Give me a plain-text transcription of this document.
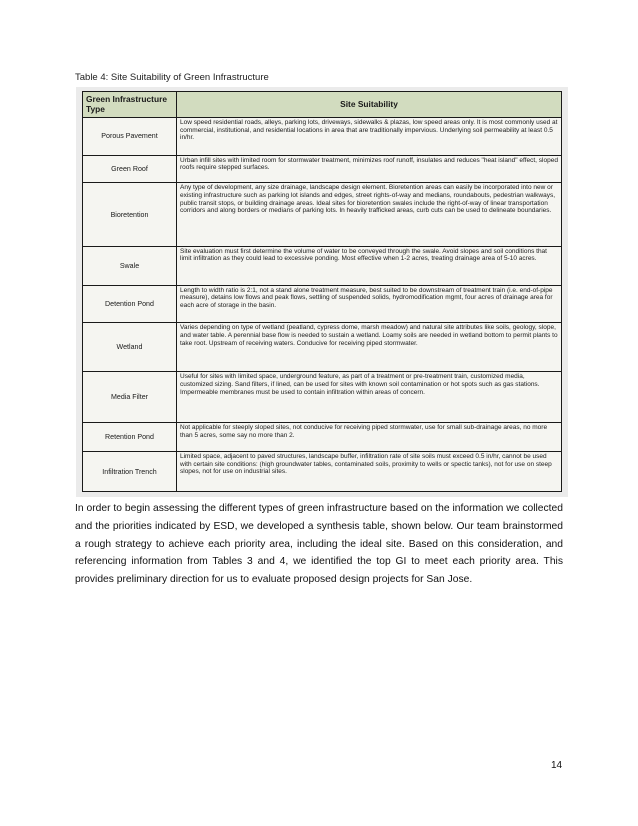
Table 4: Site Suitability of Green Infrastructure
Green Infrastructure Type	Site Suitability
Porous Pavement	Low speed residential roads, alleys, parking lots, driveways, sidewalks & plazas, low speed areas only. It is most commonly used at commercial, institutional, and residential locations in area that are traditionally impervious. Underlying soil permeability at least 0.5 in/hr.
Green Roof	Urban infill sites with limited room for stormwater treatment, minimizes roof runoff, insulates and reduces "heat island" effect, sloped roofs require stepped surfaces.
Bioretention	Any type of development, any size drainage, landscape design element. Bioretention areas can easily be incorporated into new or existing infrastructure such as parking lot islands and edges, street rights-of-way and medians, roundabouts, pedestrian walkways, public transit stops, or building drainage areas. Ideal sites for bioretention swales include the right-of-way of linear transportation corridors and along borders or medians of parking lots. In heavily trafficked areas, curb cuts can be used to delineate boundaries.
Swale	Site evaluation must first determine the volume of water to be conveyed through the swale. Avoid slopes and soil conditions that limit infiltration as they could lead to excessive ponding. Most effective when 1-2 acres, treating drainage area of 5-10 acres.
Detention Pond	Length to width ratio is 2:1, not a stand alone treatment measure, best suited to be downstream of treatment train (i.e. end-of-pipe measure), detains low flows and peak flows, settling of suspended solids, hydromodification mgmt, four acres of drainage area for each acre of storage in the basin.
Wetland	Varies depending on type of wetland (peatland, cypress dome, marsh meadow) and natural site attributes like soils, geology, slope, and water table. A perennial base flow is needed to sustain a wetland. Loamy soils are needed in wetland bottom to permit plants to take root. Upstream of receiving waters. Conducive for receiving piped stormwater.
Media Filter	Useful for sites with limited space, underground feature, as part of a treatment or pre-treatment train, customized media, customized sizing. Sand filters, if lined, can be used for sites with known soil contamination or hot spots such as gas stations. Impermeable membranes must be used to contain infiltration within areas of concern.
Retention Pond	Not applicable for steeply sloped sites, not conducive for receiving piped stormwater, use for small sub-drainage areas, no more than 5 acres, some say no more than 2.
Infiltration Trench	Limited space, adjacent to paved structures, landscape buffer, infiltration rate of site soils must exceed 0.5 in/hr, cannot be used with certain site conditions: (high groundwater tables, contaminated soils, proximity to wells or spectic tanks), not for use on steep slopes, not for use on industrial sites.

In order to begin assessing the different types of green infrastructure based on the information we collected and the priorities indicated by ESD, we developed a synthesis table, shown below. Our team brainstormed a rough strategy to achieve each priority area, including the ideal site. Based on this consideration, and referencing information from Tables 3 and 4, we identified the top GI to meet each priority area. This provides preliminary direction for us to evaluate proposed design projects for San Jose.

14
